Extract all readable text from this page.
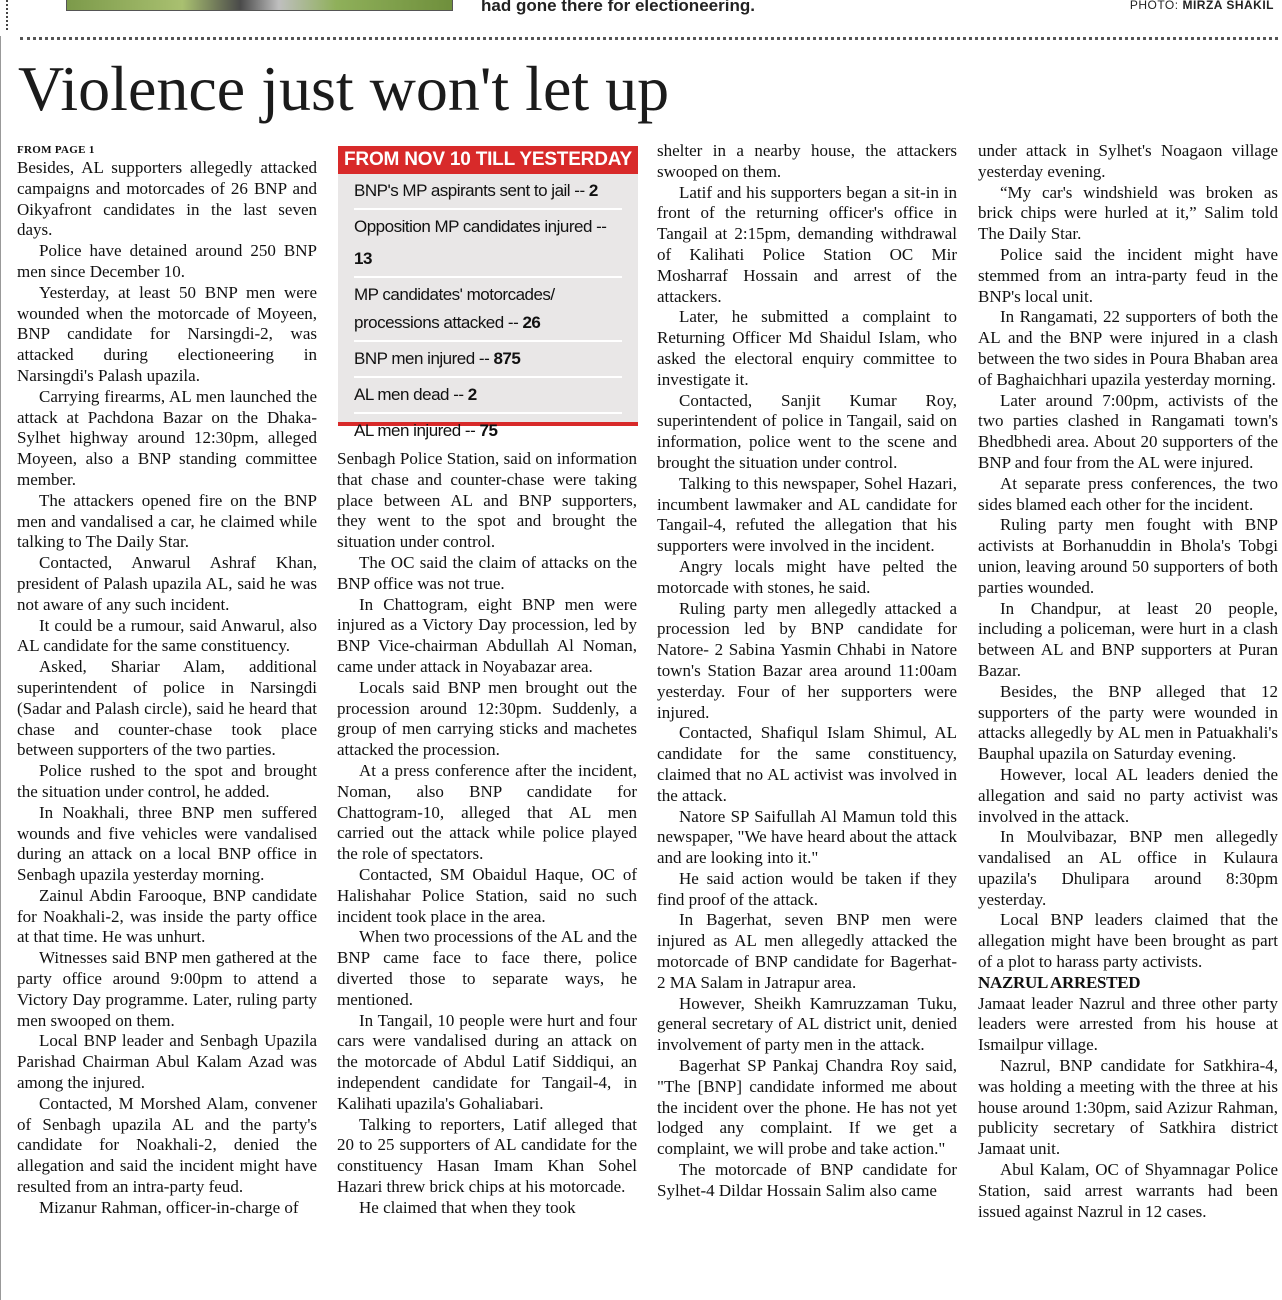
had gone there for electioneering.	PHOTO: MIRZA SHAKIL
Violence just won't let up

FROM PAGE 1

Besides, AL supporters allegedly attacked campaigns and motorcades of 26 BNP and Oikyafront candidates in the last seven days.

Police have detained around 250 BNP men since December 10.

Yesterday, at least 50 BNP men were wounded when the motorcade of Moyeen, BNP candidate for Narsingdi-2, was attacked during electioneering in Narsingdi's Palash upazila.

Carrying firearms, AL men launched the attack at Pachdona Bazar on the Dhaka-Sylhet highway around 12:30pm, alleged Moyeen, also a BNP standing committee member.

The attackers opened fire on the BNP men and vandalised a car, he claimed while talking to The Daily Star.

Contacted, Anwarul Ashraf Khan, president of Palash upazila AL, said he was not aware of any such incident.

It could be a rumour, said Anwarul, also AL candidate for the same constituency.

Asked, Shariar Alam, additional superintendent of police in Narsingdi (Sadar and Palash circle), said he heard that chase and counter-chase took place between supporters of the two parties.

Police rushed to the spot and brought the situation under control, he added.

In Noakhali, three BNP men suffered wounds and five vehicles were vandalised during an attack on a local BNP office in Senbagh upazila yesterday morning.

Zainul Abdin Farooque, BNP candidate for Noakhali-2, was inside the party office at that time. He was unhurt.

Witnesses said BNP men gathered at the party office around 9:00pm to attend a Victory Day programme. Later, ruling party men swooped on them.

Local BNP leader and Senbagh Upazila Parishad Chairman Abul Kalam Azad was among the injured.

Contacted, M Morshed Alam, convener of Senbagh upazila AL and the party's candidate for Noakhali-2, denied the allegation and said the incident might have resulted from an intra-party feud.

Mizanur Rahman, officer-in-charge of

FROM NOV 10 TILL YESTERDAY
BNP's MP aspirants sent to jail -- 2
Opposition MP candidates injured -- 13
MP candidates' motorcades/ processions attacked -- 26
BNP men injured -- 875
AL men dead -- 2
AL men injured -- 75

Senbagh Police Station, said on information that chase and counter-chase were taking place between AL and BNP supporters, they went to the spot and brought the situation under control.

The OC said the claim of attacks on the BNP office was not true.

In Chattogram, eight BNP men were injured as a Victory Day procession, led by BNP Vice-chairman Abdullah Al Noman, came under attack in Noyabazar area.

Locals said BNP men brought out the procession around 12:30pm. Suddenly, a group of men carrying sticks and machetes attacked the procession.

At a press conference after the incident, Noman, also BNP candidate for Chattogram-10, alleged that AL men carried out the attack while police played the role of spectators.

Contacted, SM Obaidul Haque, OC of Halishahar Police Station, said no such incident took place in the area.

When two processions of the AL and the BNP came face to face there, police diverted those to separate ways, he mentioned.

In Tangail, 10 people were hurt and four cars were vandalised during an attack on the motorcade of Abdul Latif Siddiqui, an independent candidate for Tangail-4, in Kalihati upazila's Gohaliabari.

Talking to reporters, Latif alleged that 20 to 25 supporters of AL candidate for the constituency Hasan Imam Khan Sohel Hazari threw brick chips at his motorcade.

He claimed that when they took

shelter in a nearby house, the attackers swooped on them.

Latif and his supporters began a sit-in in front of the returning officer's office in Tangail at 2:15pm, demanding withdrawal of Kalihati Police Station OC Mir Mosharraf Hossain and arrest of the attackers.

Later, he submitted a complaint to Returning Officer Md Shaidul Islam, who asked the electoral enquiry committee to investigate it.

Contacted, Sanjit Kumar Roy, superintendent of police in Tangail, said on information, police went to the scene and brought the situation under control.

Talking to this newspaper, Sohel Hazari, incumbent lawmaker and AL candidate for Tangail-4, refuted the allegation that his supporters were involved in the incident.

Angry locals might have pelted the motorcade with stones, he said.

Ruling party men allegedly attacked a procession led by BNP candidate for Natore- 2 Sabina Yasmin Chhabi in Natore town's Station Bazar area around 11:00am yesterday. Four of her supporters were injured.

Contacted, Shafiqul Islam Shimul, AL candidate for the same constituency, claimed that no AL activist was involved in the attack.

Natore SP Saifullah Al Mamun told this newspaper, "We have heard about the attack and are looking into it."

He said action would be taken if they find proof of the attack.

In Bagerhat, seven BNP men were injured as AL men allegedly attacked the motorcade of BNP candidate for Bagerhat-2 MA Salam in Jatrapur area.

However, Sheikh Kamruzzaman Tuku, general secretary of AL district unit, denied involvement of party men in the attack.

Bagerhat SP Pankaj Chandra Roy said, "The [BNP] candidate informed me about the incident over the phone. He has not yet lodged any complaint. If we get a complaint, we will probe and take action."

The motorcade of BNP candidate for Sylhet-4 Dildar Hossain Salim also came

under attack in Sylhet's Noagaon village yesterday evening.

“My car's windshield was broken as brick chips were hurled at it,” Salim told The Daily Star.

Police said the incident might have stemmed from an intra-party feud in the BNP's local unit.

In Rangamati, 22 supporters of both the AL and the BNP were injured in a clash between the two sides in Poura Bhaban area of Baghaichhari upazila yesterday morning.

Later around 7:00pm, activists of the two parties clashed in Rangamati town's Bhedbhedi area. About 20 supporters of the BNP and four from the AL were injured.

At separate press conferences, the two sides blamed each other for the incident.

Ruling party men fought with BNP activists at Borhanuddin in Bhola's Tobgi union, leaving around 50 supporters of both parties wounded.

In Chandpur, at least 20 people, including a policeman, were hurt in a clash between AL and BNP supporters at Puran Bazar.

Besides, the BNP alleged that 12 supporters of the party were wounded in attacks allegedly by AL men in Patuakhali's Bauphal upazila on Saturday evening.

However, local AL leaders denied the allegation and said no party activist was involved in the attack.

In Moulvibazar, BNP men allegedly vandalised an AL office in Kulaura upazila's Dhulipara around 8:30pm yesterday.

Local BNP leaders claimed that the allegation might have been brought as part of a plot to harass party activists.

NAZRUL ARRESTED

Jamaat leader Nazrul and three other party leaders were arrested from his house at Ismailpur village.

Nazrul, BNP candidate for Satkhira-4, was holding a meeting with the three at his house around 1:30pm, said Azizur Rahman, publicity secretary of Satkhira district Jamaat unit.

Abul Kalam, OC of Shyamnagar Police Station, said arrest warrants had been issued against Nazrul in 12 cases.
